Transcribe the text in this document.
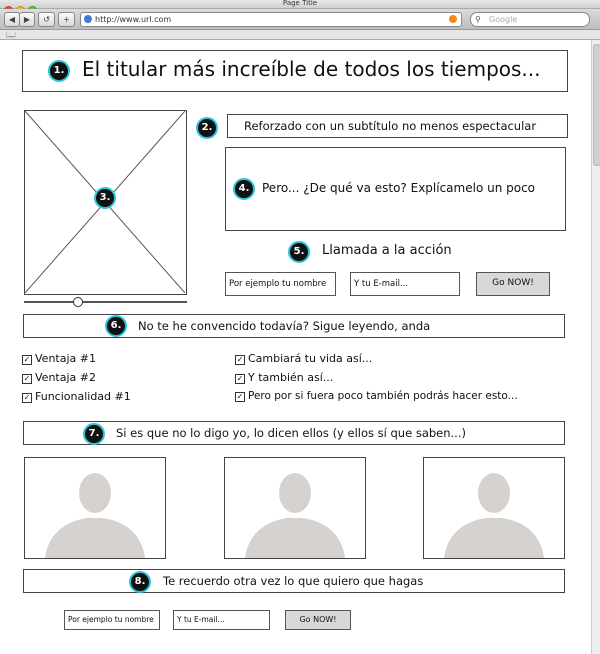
Page Title
◀	▶	↺	+	http://www.url.com	⚲ Google
📖
1. El titular más increíble de todos los tiempos...
3.
2.	Reforzado con un subtítulo no menos espectacular
4.	Pero... ¿De qué va esto? Explícamelo un poco
5.	Llamada a la acción
Por ejemplo tu nombre	Y tu E-mail...	Go NOW!
6.	No te he convencido todavía? Sigue leyendo, anda
✓ Ventaja #1
✓ Ventaja #2
✓ Funcionalidad #1
✓ Cambiará tu vida así...
✓ Y también así...
✓ Pero por si fuera poco también podrás hacer esto...
7.	Si es que no lo digo yo, lo dicen ellos (y ellos sí que saben...)
8.	Te recuerdo otra vez lo que quiero que hagas
Por ejemplo tu nombre	Y tu E-mail...	Go NOW!
